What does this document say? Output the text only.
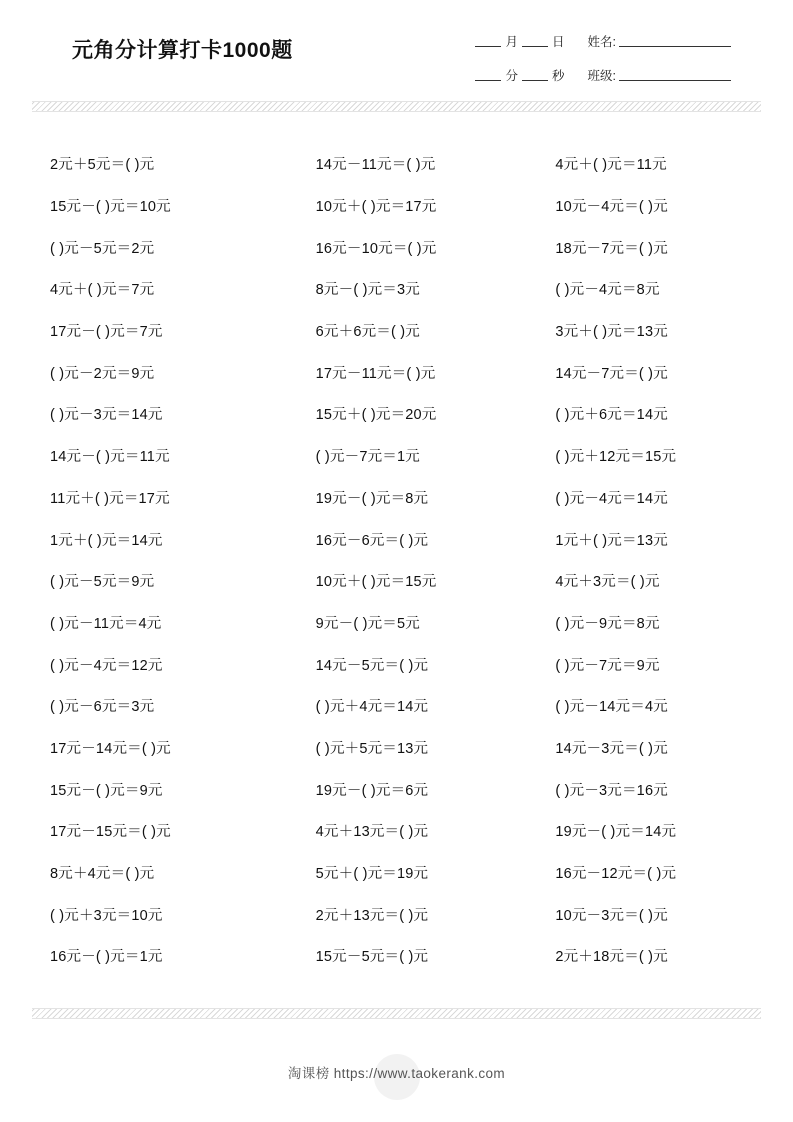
元角分计算打卡1000题	月	日 姓名:
分	秒 班级:
2元＋5元＝( )元	14元－11元＝( )元	4元＋( )元＝11元
15元－( )元＝10元	10元＋( )元＝17元	10元－4元＝( )元
( )元－5元＝2元	16元－10元＝( )元	18元－7元＝( )元
4元＋( )元＝7元	8元－( )元＝3元	( )元－4元＝8元
17元－( )元＝7元	6元＋6元＝( )元	3元＋( )元＝13元
( )元－2元＝9元	17元－11元＝( )元	14元－7元＝( )元
( )元－3元＝14元	15元＋( )元＝20元	( )元＋6元＝14元
14元－( )元＝11元	( )元－7元＝1元	( )元＋12元＝15元
11元＋( )元＝17元	19元－( )元＝8元	( )元－4元＝14元
1元＋( )元＝14元	16元－6元＝( )元	1元＋( )元＝13元
( )元－5元＝9元	10元＋( )元＝15元	4元＋3元＝( )元
( )元－11元＝4元	9元－( )元＝5元	( )元－9元＝8元
( )元－4元＝12元	14元－5元＝( )元	( )元－7元＝9元
( )元－6元＝3元	( )元＋4元＝14元	( )元－14元＝4元
17元－14元＝( )元	( )元＋5元＝13元	14元－3元＝( )元
15元－( )元＝9元	19元－( )元＝6元	( )元－3元＝16元
17元－15元＝( )元	4元＋13元＝( )元	19元－( )元＝14元
8元＋4元＝( )元	5元＋( )元＝19元	16元－12元＝( )元
( )元＋3元＝10元	2元＋13元＝( )元	10元－3元＝( )元
16元－( )元＝1元	15元－5元＝( )元	2元＋18元＝( )元
淘课榜 https://www.taokerank.com
